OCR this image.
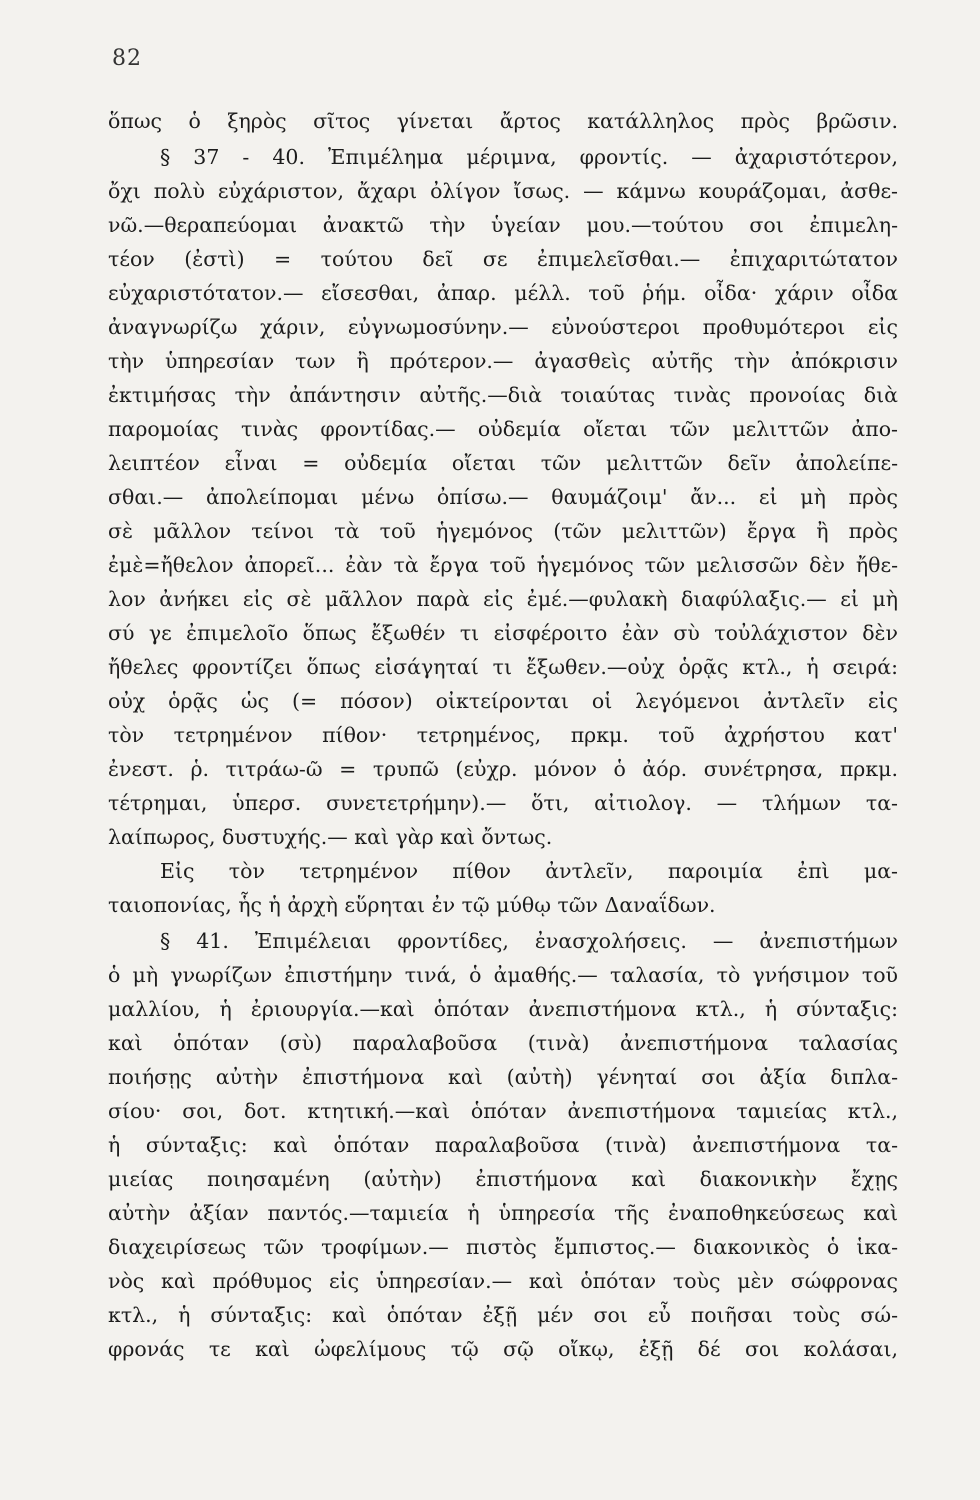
82
ὅπως ὁ ξηρὸς σῖτος γίνεται ἄρτος κατάλληλος πρὸς βρῶσιν.
§ 37 - 40. Ἐπιμέλημα μέριμνα, φροντίς. — ἀχαριστότερον,
ὄχι πολὺ εὐχάριστον, ἄχαρι ὀλίγον ἴσως. — κάμνω κουράζομαι, ἀσθε-
νῶ.—θεραπεύομαι ἀνακτῶ τὴν ὑγείαν μου.—τούτου σοι ἐπιμελη-
τέον (ἐστὶ) = τούτου δεῖ σε ἐπιμελεῖσθαι.— ἐπιχαριτώτατον
εὐχαριστότατον.— εἴσεσθαι, ἀπαρ. μέλλ. τοῦ ῥήμ. οἶδα· χάριν οἶδα
ἀναγνωρίζω χάριν, εὐγνωμοσύνην.— εὐνούστεροι προθυμότεροι εἰς
τὴν ὑπηρεσίαν των ἢ πρότερον.— ἀγασθεὶς αὐτῆς τὴν ἀπόκρισιν
ἐκτιμήσας τὴν ἀπάντησιν αὐτῆς.—διὰ τοιαύτας τινὰς προνοίας διὰ
παρομοίας τινὰς φροντίδας.— οὐδεμία οἴεται τῶν μελιττῶν ἀπο-
λειπτέον εἶναι = οὐδεμία οἴεται τῶν μελιττῶν δεῖν ἀπολείπε-
σθαι.— ἀπολείπομαι μένω ὀπίσω.— θαυμάζοιμ' ἄν... εἰ μὴ πρὸς
σὲ μᾶλλον τείνοι τὰ τοῦ ἡγεμόνος (τῶν μελιττῶν) ἔργα ἢ πρὸς
ἐμὲ=ἤθελον ἀπορεῖ... ἐὰν τὰ ἔργα τοῦ ἡγεμόνος τῶν μελισσῶν δὲν ἤθε-
λον ἀνήκει εἰς σὲ μᾶλλον παρὰ εἰς ἐμέ.—φυλακὴ διαφύλαξις.— εἰ μὴ
σύ γε ἐπιμελοῖο ὅπως ἔξωθέν τι εἰσφέροιτο ἐὰν σὺ τοὐλάχιστον δὲν
ἤθελες φροντίζει ὅπως εἰσάγηταί τι ἔξωθεν.—οὐχ ὁρᾷς κτλ., ἡ σειρά:
οὐχ ὁρᾷς ὡς (= πόσον) οἰκτείρονται οἱ λεγόμενοι ἀντλεῖν εἰς
τὸν τετρημένον πίθον· τετρημένος, πρκμ. τοῦ ἀχρήστου κατ'
ἐνεστ. ῥ. τιτράω-ῶ = τρυπῶ (εὐχρ. μόνον ὁ ἀόρ. συνέτρησα, πρκμ.
τέτρημαι, ὑπερσ. συνετετρήμην).— ὅτι, αἰτιολογ. — τλήμων τα-
λαίπωρος, δυστυχής.— καὶ γὰρ καὶ ὄντως.
Εἰς τὸν τετρημένον πίθον ἀντλεῖν, παροιμία ἐπὶ μα-
ταιοπονίας, ἧς ἡ ἀρχὴ εὕρηται ἐν τῷ μύθῳ τῶν Δαναΐδων.
§ 41. Ἐπιμέλειαι φροντίδες, ἐνασχολήσεις. — ἀνεπιστήμων
ὁ μὴ γνωρίζων ἐπιστήμην τινά, ὁ ἀμαθής.— ταλασία, τὸ γνήσιμον τοῦ
μαλλίου, ἡ ἐριουργία.—καὶ ὁπόταν ἀνεπιστήμονα κτλ., ἡ σύνταξις:
καὶ ὁπόταν (σὺ) παραλαβοῦσα (τινὰ) ἀνεπιστήμονα ταλασίας
ποιήσῃς αὐτὴν ἐπιστήμονα καὶ (αὐτὴ) γένηταί σοι ἀξία διπλα-
σίου· σοι, δοτ. κτητική.—καὶ ὁπόταν ἀνεπιστήμονα ταμιείας κτλ.,
ἡ σύνταξις: καὶ ὁπόταν παραλαβοῦσα (τινὰ) ἀνεπιστήμονα τα-
μιείας ποιησαμένη (αὐτὴν) ἐπιστήμονα καὶ διακονικὴν ἔχῃς
αὐτὴν ἀξίαν παντός.—ταμιεία ἡ ὑπηρεσία τῆς ἐναποθηκεύσεως καὶ
διαχειρίσεως τῶν τροφίμων.— πιστὸς ἔμπιστος.— διακονικὸς ὁ ἱκα-
νὸς καὶ πρόθυμος εἰς ὑπηρεσίαν.— καὶ ὁπόταν τοὺς μὲν σώφρονας
κτλ., ἡ σύνταξις: καὶ ὁπόταν ἐξῇ μέν σοι εὖ ποιῆσαι τοὺς σώ-
φρονάς τε καὶ ὠφελίμους τῷ σῷ οἴκῳ, ἐξῇ δέ σοι κολάσαι,
